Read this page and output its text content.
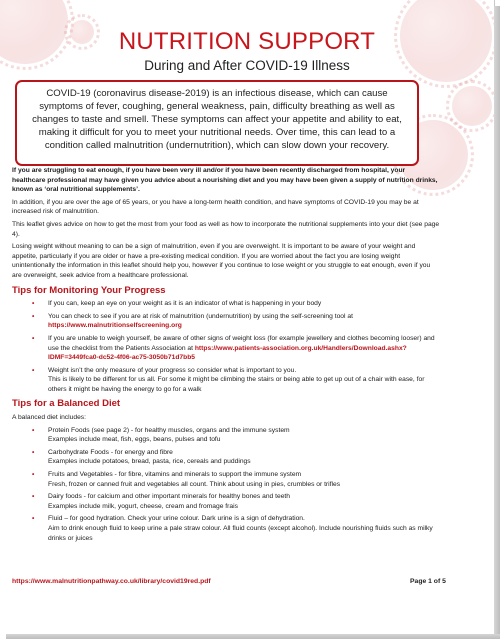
NUTRITION SUPPORT
During and After COVID-19 Illness
COVID-19 (coronavirus disease-2019) is an infectious disease, which can cause symptoms of fever, coughing, general weakness, pain, difficulty breathing as well as changes to taste and smell. These symptoms can affect your appetite and ability to eat, making it difficult for you to meet your nutritional needs. Over time, this can lead to a condition called malnutrition (undernutrition), which can slow down your recovery.

If you are struggling to eat enough, if you have been very ill and/or if you have been recently discharged from hospital, your healthcare professional may have given you advice about a nourishing diet and you may have been given a supply of nutrition drinks, known as ‘oral nutritional supplements’.

In addition, if you are over the age of 65 years, or you have a long-term health condition, and have symptoms of COVID-19 you may be at increased risk of malnutrition.

This leaflet gives advice on how to get the most from your food as well as how to incorporate the nutritional supplements into your diet (see page 4).

Losing weight without meaning to can be a sign of malnutrition, even if you are overweight. It is important to be aware of your weight and appetite, particularly if you are older or have a pre-existing medical condition. If you are worried about the fact you are losing weight unintentionally the information in this leaflet should help you, however if you continue to lose weight or you struggle to eat enough, even if you are overweight, seek advice from a healthcare professional.

Tips for Monitoring Your Progress
• If you can, keep an eye on your weight as it is an indicator of what is happening in your body
• You can check to see if you are at risk of malnutrition (undernutrition) by using the self-screening tool at https://www.malnutritionselfscreening.org
• If you are unable to weigh yourself, be aware of other signs of weight loss (for example jewellery and clothes becoming looser) and use the checklist from the Patients Association at https://www.patients-association.org.uk/Handlers/Download.ashx?IDMF=3449fca0-dc52-4f06-ac75-3050b71d7bb5
• Weight isn’t the only measure of your progress so consider what is important to you.
This is likely to be different for us all. For some it might be climbing the stairs or being able to get up out of a chair with ease, for others it might be having the energy to go for a walk
Tips for a Balanced Diet

A balanced diet includes:

• Protein Foods (see page 2) - for healthy muscles, organs and the immune system
Examples include meat, fish, eggs, beans, pulses and tofu
• Carbohydrate Foods - for energy and fibre
Examples include potatoes, bread, pasta, rice, cereals and puddings
• Fruits and Vegetables - for fibre, vitamins and minerals to support the immune system
Fresh, frozen or canned fruit and vegetables all count. Think about using in pies, crumbles or trifles
• Dairy foods - for calcium and other important minerals for healthy bones and teeth
Examples include milk, yogurt, cheese, cream and fromage frais
• Fluid – for good hydration. Check your urine colour. Dark urine is a sign of dehydration.
Aim to drink enough fluid to keep urine a pale straw colour. All fluid counts (except alcohol). Include nourishing fluids such as milky drinks or juices
https://www.malnutritionpathway.co.uk/library/covid19red.pdf	Page 1 of 5
